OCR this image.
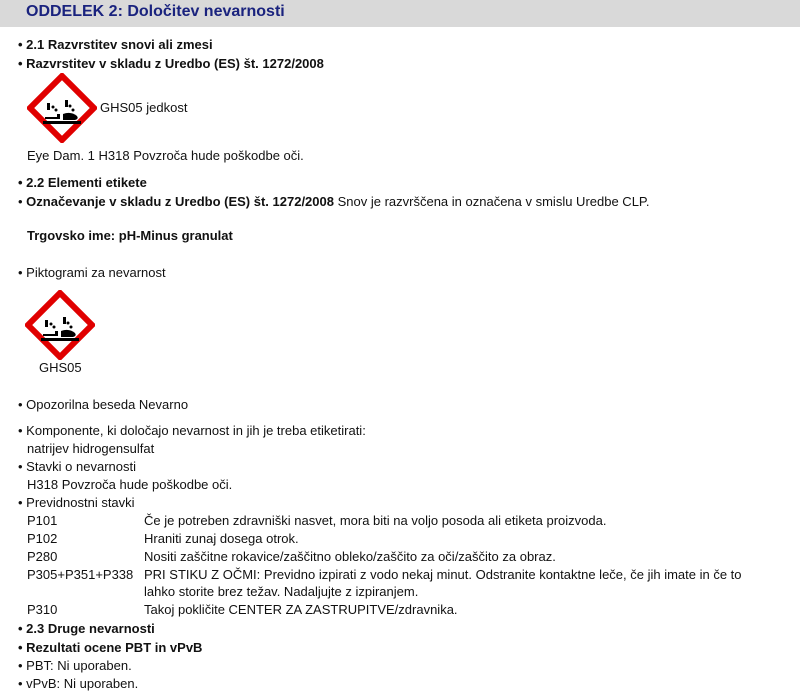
ODDELEK 2: Določitev nevarnosti
• 2.1 Razvrstitev snovi ali zmesi
• Razvrstitev v skladu z Uredbo (ES) št. 1272/2008
GHS05 jedkost
Eye Dam. 1 H318 Povzroča hude poškodbe oči.
• 2.2 Elementi etikete
• Označevanje v skladu z Uredbo (ES) št. 1272/2008 Snov je razvrščena in označena v smislu Uredbe CLP.
Trgovsko ime: pH-Minus granulat
• Piktogrami za nevarnost
GHS05
• Opozorilna beseda Nevarno
• Komponente, ki določajo nevarnost in jih je treba etiketirati:
natrijev hidrogensulfat
• Stavki o nevarnosti
H318 Povzroča hude poškodbe oči.
• Previdnostni stavki
P101	Če je potreben zdravniški nasvet, mora biti na voljo posoda ali etiketa proizvoda.
P102	Hraniti zunaj dosega otrok.
P280	Nositi zaščitne rokavice/zaščitno obleko/zaščito za oči/zaščito za obraz.
P305+P351+P338 PRI STIKU Z OČMI: Previdno izpirati z vodo nekaj minut. Odstranite kontaktne leče, če jih imate in če to
lahko storite brez težav. Nadaljujte z izpiranjem.
P310	Takoj pokličite CENTER ZA ZASTRUPITVE/zdravnika.
• 2.3 Druge nevarnosti
• Rezultati ocene PBT in vPvB
• PBT: Ni uporaben.
• vPvB: Ni uporaben.
